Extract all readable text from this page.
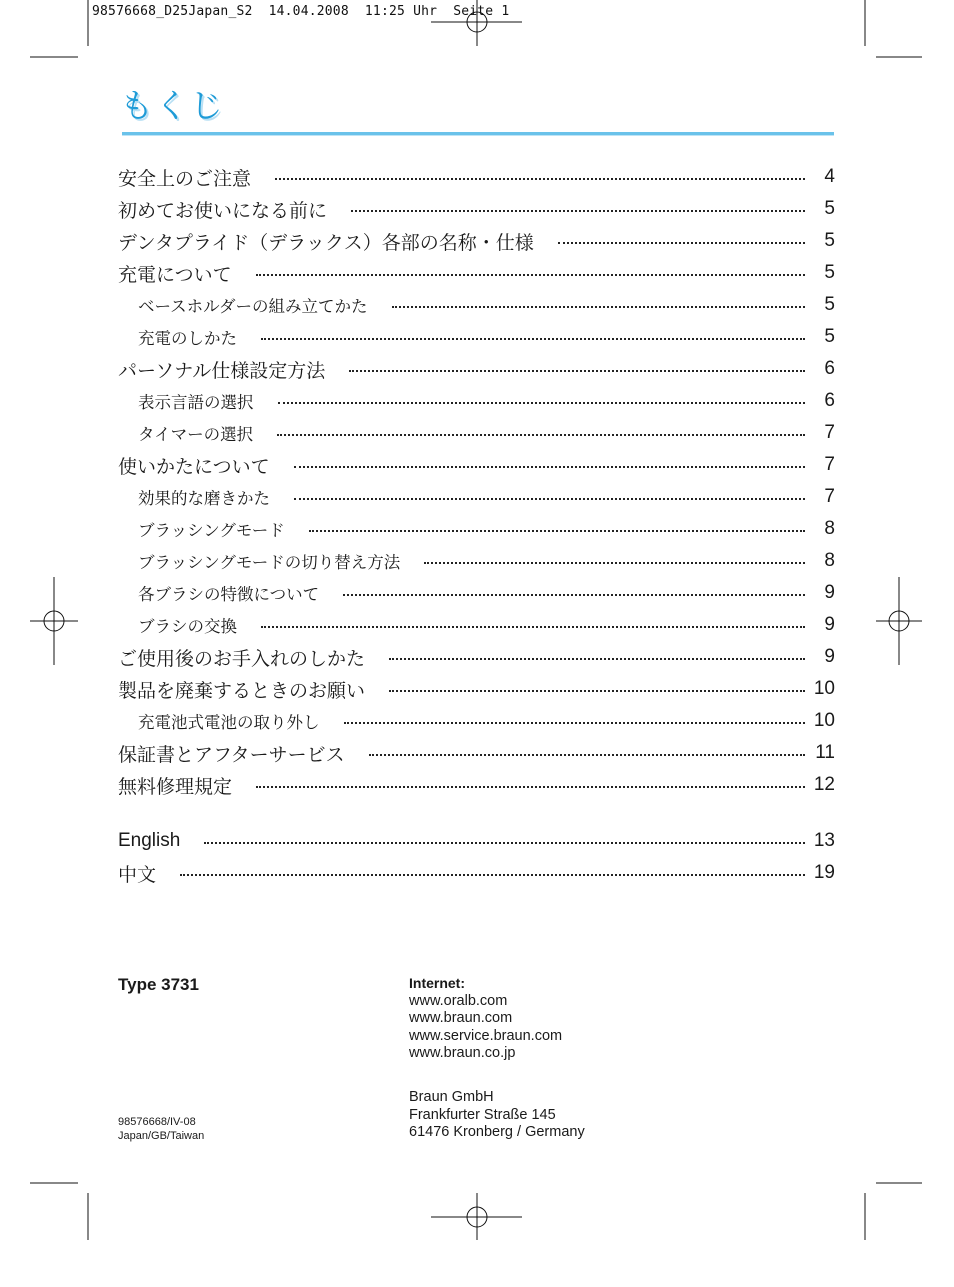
98576668_D25Japan_S2  14.04.2008  11:25 Uhr  Seite 1
もくじ
安全上のご注意	4
初めてお使いになる前に	5
デンタプライド（デラックス）各部の名称・仕様	5
充電について	5
ベースホルダーの組み立てかた	5
充電のしかた	5
パーソナル仕様設定方法	6
表示言語の選択	6
タイマーの選択	7
使いかたについて	7
効果的な磨きかた	7
ブラッシングモード	8
ブラッシングモードの切り替え方法	8
各ブラシの特徴について	9
ブラシの交換	9
ご使用後のお手入れのしかた	9
製品を廃棄するときのお願い	10
充電池式電池の取り外し	10
保証書とアフターサービス	11
無料修理規定	12
English	13
中文	19
Type 3731
98576668/IV-08
Japan/GB/Taiwan
Internet:
www.oralb.com
www.braun.com
www.service.braun.com
www.braun.co.jp
Braun GmbH
Frankfurter Straße 145
61476 Kronberg / Germany
